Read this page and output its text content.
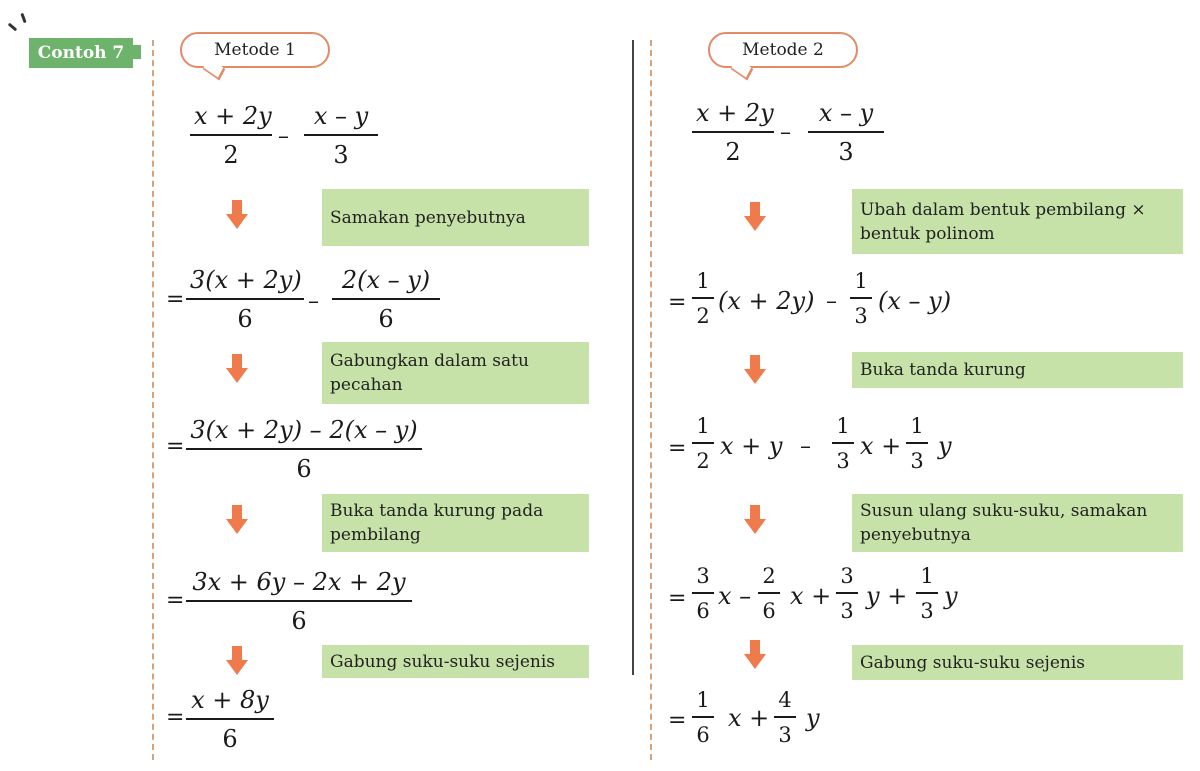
Contoh 7	Metode 1
x + 2y
2
–
x – y
3
Samakan penyebutnya
=
3(x + 2y)
6
–
2(x – y)
6
Gabungkan dalam satu pecahan
=
3(x + 2y) – 2(x – y)
6
Buka tanda kurung pada pembilang
=
3x + 6y – 2x + 2y
6
Gabung suku-suku sejenis
=
x + 8y
6
Metode 2
x + 2y
2
–
x – y
3
Ubah dalam bentuk pembilang × bentuk polinom
=
1
2
(x + 2y) –
1
3
(x – y)
Buka tanda kurung
=
1
2
x + y –
1
3
x +
1
3
y
Susun ulang suku-suku, samakan penyebutnya
=
3
6
x –
2
6
x +
3
3
y +
1
3
y
Gabung suku-suku sejenis
=
1
6
x +
4
3
y
